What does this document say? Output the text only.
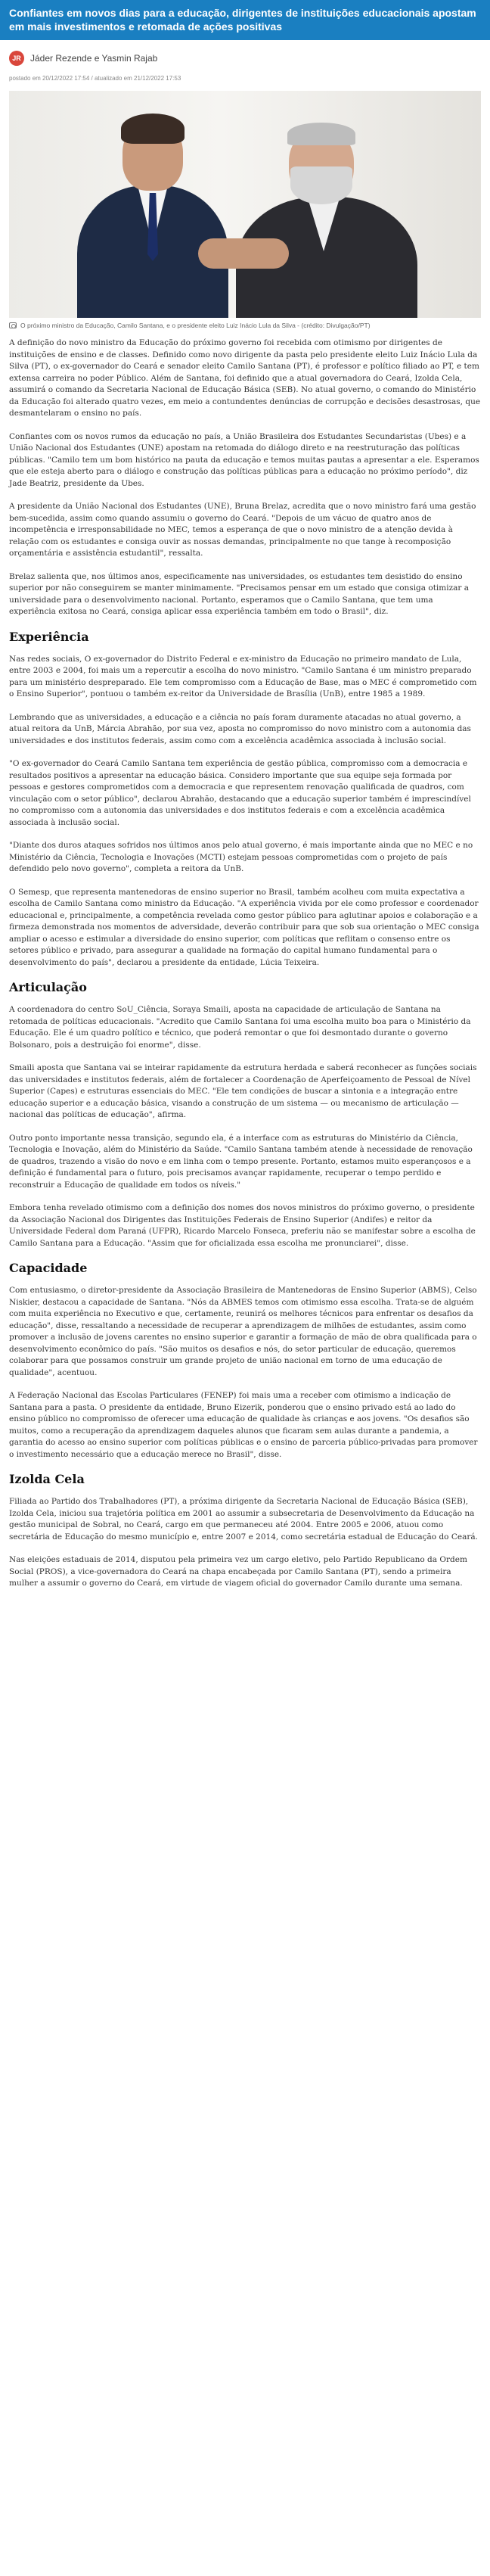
Confiantes em novos dias para a educação, dirigentes de instituições educacionais apostam em mais investimentos e retomada de ações positivas
JR	Jáder Rezende e Yasmin Rajab
postado em 20/12/2022 17:54 / atualizado em 21/12/2022 17:53
O próximo ministro da Educação, Camilo Santana, e o presidente eleito Luiz Inácio Lula da Silva - (crédito: Divulgação/PT)

A definição do novo ministro da Educação do próximo governo foi recebida com otimismo por dirigentes de instituições de ensino e de classes. Definido como novo dirigente da pasta pelo presidente eleito Luiz Inácio Lula da Silva (PT), o ex-governador do Ceará e senador eleito Camilo Santana (PT), é professor e político filiado ao PT, e tem extensa carreira no poder Público. Além de Santana, foi definido que a atual governadora do Ceará, Izolda Cela, assumirá o comando da Secretaria Nacional de Educação Básica (SEB). No atual governo, o comando do Ministério da Educação foi alterado quatro vezes, em meio a contundentes denúncias de corrupção e decisões desastrosas, que desmantelaram o ensino no país.

Confiantes com os novos rumos da educação no país, a União Brasileira dos Estudantes Secundaristas (Ubes) e a União Nacional dos Estudantes (UNE) apostam na retomada do diálogo direto e na reestruturação das políticas públicas. "Camilo tem um bom histórico na pauta da educação e temos muitas pautas a apresentar a ele. Esperamos que ele esteja aberto para o diálogo e construção das políticas públicas para a educação no próximo período", diz Jade Beatriz, presidente da Ubes.

A presidente da União Nacional dos Estudantes (UNE), Bruna Brelaz, acredita que o novo ministro fará uma gestão bem-sucedida, assim como quando assumiu o governo do Ceará. "Depois de um vácuo de quatro anos de incompetência e irresponsabilidade no MEC, temos a esperança de que o novo ministro de a atenção devida à relação com os estudantes e consiga ouvir as nossas demandas, principalmente no que tange à recomposição orçamentária e assistência estudantil", ressalta.

Brelaz salienta que, nos últimos anos, especificamente nas universidades, os estudantes tem desistido do ensino superior por não conseguirem se manter minimamente. "Precisamos pensar em um estado que consiga otimizar a universidade para o desenvolvimento nacional. Portanto, esperamos que o Camilo Santana, que tem uma experiência exitosa no Ceará, consiga aplicar essa experiência também em todo o Brasil", diz.

Experiência

Nas redes sociais, O ex-governador do Distrito Federal e ex-ministro da Educação no primeiro mandato de Lula, entre 2003 e 2004, foi mais um a repercutir a escolha do novo ministro. "Camilo Santana é um ministro preparado para um ministério despreparado. Ele tem compromisso com a Educação de Base, mas o MEC é comprometido com o Ensino Superior", pontuou o também ex-reitor da Universidade de Brasília (UnB), entre 1985 a 1989.

Lembrando que as universidades, a educação e a ciência no país foram duramente atacadas no atual governo, a atual reitora da UnB, Márcia Abrahão, por sua vez, aposta no compromisso do novo ministro com a autonomia das universidades e dos institutos federais, assim como com a excelência acadêmica associada à inclusão social.

"O ex-governador do Ceará Camilo Santana tem experiência de gestão pública, compromisso com a democracia e resultados positivos a apresentar na educação básica. Considero importante que sua equipe seja formada por pessoas e gestores comprometidos com a democracia e que representem renovação qualificada de quadros, com vinculação com o setor público", declarou Abrahão, destacando que a educação superior também é imprescindível no compromisso com a autonomia das universidades e dos institutos federais e com a excelência acadêmica associada à inclusão social.

"Diante dos duros ataques sofridos nos últimos anos pelo atual governo, é mais importante ainda que no MEC e no Ministério da Ciência, Tecnologia e Inovações (MCTI) estejam pessoas comprometidas com o projeto de país defendido pelo novo governo", completa a reitora da UnB.

O Semesp, que representa mantenedoras de ensino superior no Brasil, também acolheu com muita expectativa a escolha de Camilo Santana como ministro da Educação. "A experiência vivida por ele como professor e coordenador educacional e, principalmente, a competência revelada como gestor público para aglutinar apoios e colaboração e a firmeza demonstrada nos momentos de adversidade, deverão contribuir para que sob sua orientação o MEC consiga ampliar o acesso e estimular a diversidade do ensino superior, com políticas que reflitam o consenso entre os setores público e privado, para assegurar a qualidade na formação do capital humano fundamental para o desenvolvimento do país", declarou a presidente da entidade, Lúcia Teixeira.

Articulação

A coordenadora do centro SoU_Ciência, Soraya Smaili, aposta na capacidade de articulação de Santana na retomada de políticas educacionais. "Acredito que Camilo Santana foi uma escolha muito boa para o Ministério da Educação. Ele é um quadro político e técnico, que poderá remontar o que foi desmontado durante o governo Bolsonaro, pois a destruição foi enorme", disse.

Smaili aposta que Santana vai se inteirar rapidamente da estrutura herdada e saberá reconhecer as funções sociais das universidades e institutos federais, além de fortalecer a Coordenação de Aperfeiçoamento de Pessoal de Nível Superior (Capes) e estruturas essenciais do MEC. "Ele tem condições de buscar a sintonia e a integração entre educação superior e a educação básica, visando a construção de um sistema — ou mecanismo de articulação — nacional das políticas de educação", afirma.

Outro ponto importante nessa transição, segundo ela, é a interface com as estruturas do Ministério da Ciência, Tecnologia e Inovação, além do Ministério da Saúde. "Camilo Santana também atende à necessidade de renovação de quadros, trazendo a visão do novo e em linha com o tempo presente. Portanto, estamos muito esperançosos e a definição é fundamental para o futuro, pois precisamos avançar rapidamente, recuperar o tempo perdido e reconstruir a Educação de qualidade em todos os níveis."

Embora tenha revelado otimismo com a definição dos nomes dos novos ministros do próximo governo, o presidente da Associação Nacional dos Dirigentes das Instituições Federais de Ensino Superior (Andifes) e reitor da Universidade Federal dom Paraná (UFPR), Ricardo Marcelo Fonseca, preferiu não se manifestar sobre a escolha de Camilo Santana para a Educação. "Assim que for oficializada essa escolha me pronunciarei", disse.

Capacidade

Com entusiasmo, o diretor-presidente da Associação Brasileira de Mantenedoras de Ensino Superior (ABMS), Celso Niskier, destacou a capacidade de Santana. "Nós da ABMES temos com otimismo essa escolha. Trata-se de alguém com muita experiência no Executivo e que, certamente, reunirá os melhores técnicos para enfrentar os desafios da educação", disse, ressaltando a necessidade de recuperar a aprendizagem de milhões de estudantes, assim como promover a inclusão de jovens carentes no ensino superior e garantir a formação de mão de obra qualificada para o desenvolvimento econômico do país. "São muitos os desafios e nós, do setor particular de educação, queremos colaborar para que possamos construir um grande projeto de união nacional em torno de uma educação de qualidade", acentuou.

A Federação Nacional das Escolas Particulares (FENEP) foi mais uma a receber com otimismo a indicação de Santana para a pasta. O presidente da entidade, Bruno Eizerik, ponderou que o ensino privado está ao lado do ensino público no compromisso de oferecer uma educação de qualidade às crianças e aos jovens. "Os desafios são muitos, como a recuperação da aprendizagem daqueles alunos que ficaram sem aulas durante a pandemia, a garantia do acesso ao ensino superior com políticas públicas e o ensino de parceria público-privadas para promover o investimento necessário que a educação merece no Brasil", disse.

Izolda Cela

Filiada ao Partido dos Trabalhadores (PT), a próxima dirigente da Secretaria Nacional de Educação Básica (SEB), Izolda Cela, iniciou sua trajetória política em 2001 ao assumir a subsecretaria de Desenvolvimento da Educação na gestão municipal de Sobral, no Ceará, cargo em que permaneceu até 2004. Entre 2005 e 2006, atuou como secretária de Educação do mesmo município e, entre 2007 e 2014, como secretária estadual de Educação do Ceará.

Nas eleições estaduais de 2014, disputou pela primeira vez um cargo eletivo, pelo Partido Republicano da Ordem Social (PROS), a vice-governadora do Ceará na chapa encabeçada por Camilo Santana (PT), sendo a primeira mulher a assumir o governo do Ceará, em virtude de viagem oficial do governador Camilo durante uma semana.
